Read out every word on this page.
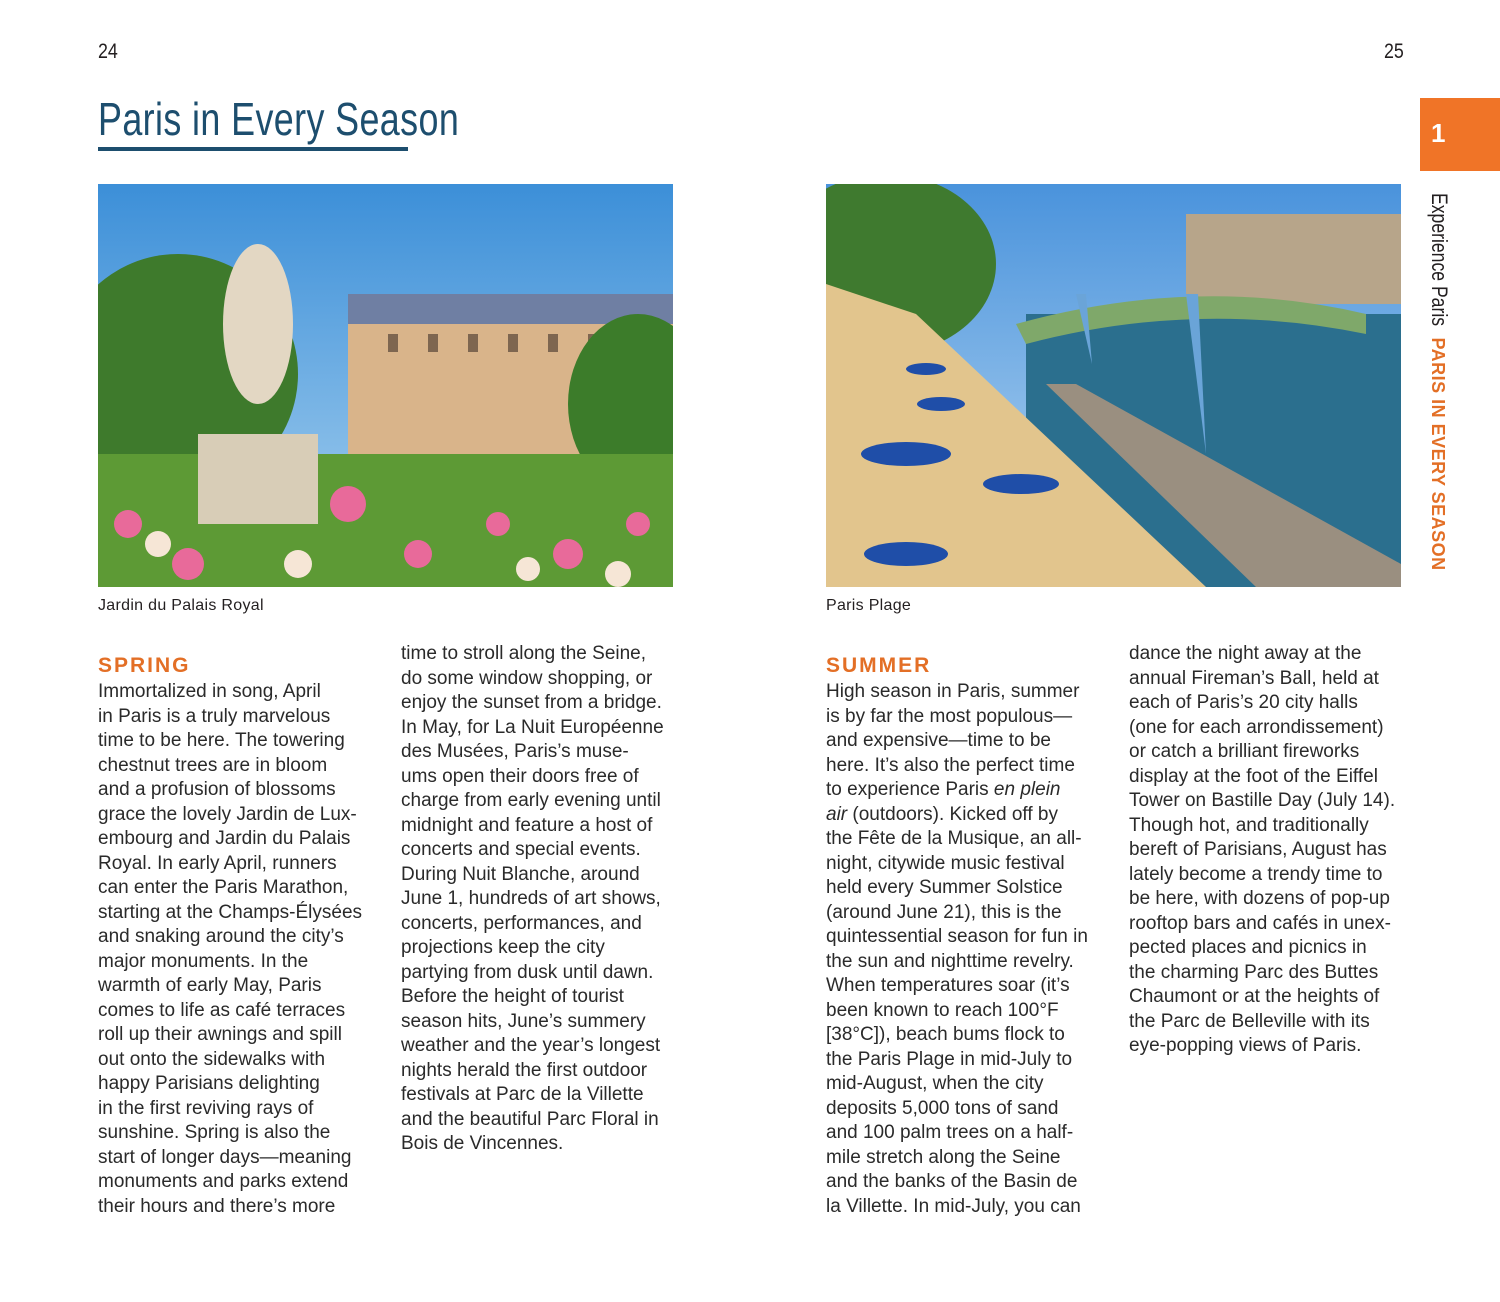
24	25
Paris in Every Season
Jardin du Palais Royal	Paris Plage
SPRING
Immortalized in song, April
in Paris is a truly marvelous
time to be here. The towering
chestnut trees are in bloom
and a profusion of blossoms
grace the lovely Jardin de Lux-
embourg and Jardin du Palais
Royal. In early April, runners
can enter the Paris Marathon,
starting at the Champs-Élysées
and snaking around the city’s
major monuments. In the
warmth of early May, Paris
comes to life as café terraces
roll up their awnings and spill
out onto the sidewalks with
happy Parisians delighting
in the first reviving rays of
sunshine. Spring is also the
start of longer days—meaning
monuments and parks extend
their hours and there’s more
time to stroll along the Seine,
do some window shopping, or
enjoy the sunset from a bridge.
In May, for La Nuit Européenne
des Musées, Paris’s muse-
ums open their doors free of
charge from early evening until
midnight and feature a host of
concerts and special events.
During Nuit Blanche, around
June 1, hundreds of art shows,
concerts, performances, and
projections keep the city
partying from dusk until dawn.
Before the height of tourist
season hits, June’s summery
weather and the year’s longest
nights herald the first outdoor
festivals at Parc de la Villette
and the beautiful Parc Floral in
Bois de Vincennes.
SUMMER
High season in Paris, summer
is by far the most populous—
and expensive—time to be
here. It’s also the perfect time
to experience Paris en plein
air (outdoors). Kicked off by
the Fête de la Musique, an all-
night, citywide music festival
held every Summer Solstice
(around June 21), this is the
quintessential season for fun in
the sun and nighttime revelry.
When temperatures soar (it’s
been known to reach 100°F
[38°C]), beach bums flock to
the Paris Plage in mid-July to
mid-August, when the city
deposits 5,000 tons of sand
and 100 palm trees on a half-
mile stretch along the Seine
and the banks of the Basin de
la Villette. In mid-July, you can
dance the night away at the
annual Fireman’s Ball, held at
each of Paris’s 20 city halls
(one for each arrondissement)
or catch a brilliant fireworks
display at the foot of the Eiffel
Tower on Bastille Day (July 14).
Though hot, and traditionally
bereft of Parisians, August has
lately become a trendy time to
be here, with dozens of pop-up
rooftop bars and cafés in unex-
pected places and picnics in
the charming Parc des Buttes
Chaumont or at the heights of
the Parc de Belleville with its
eye-popping views of Paris.
1
Experience Paris PARIS IN EVERY SEASON
